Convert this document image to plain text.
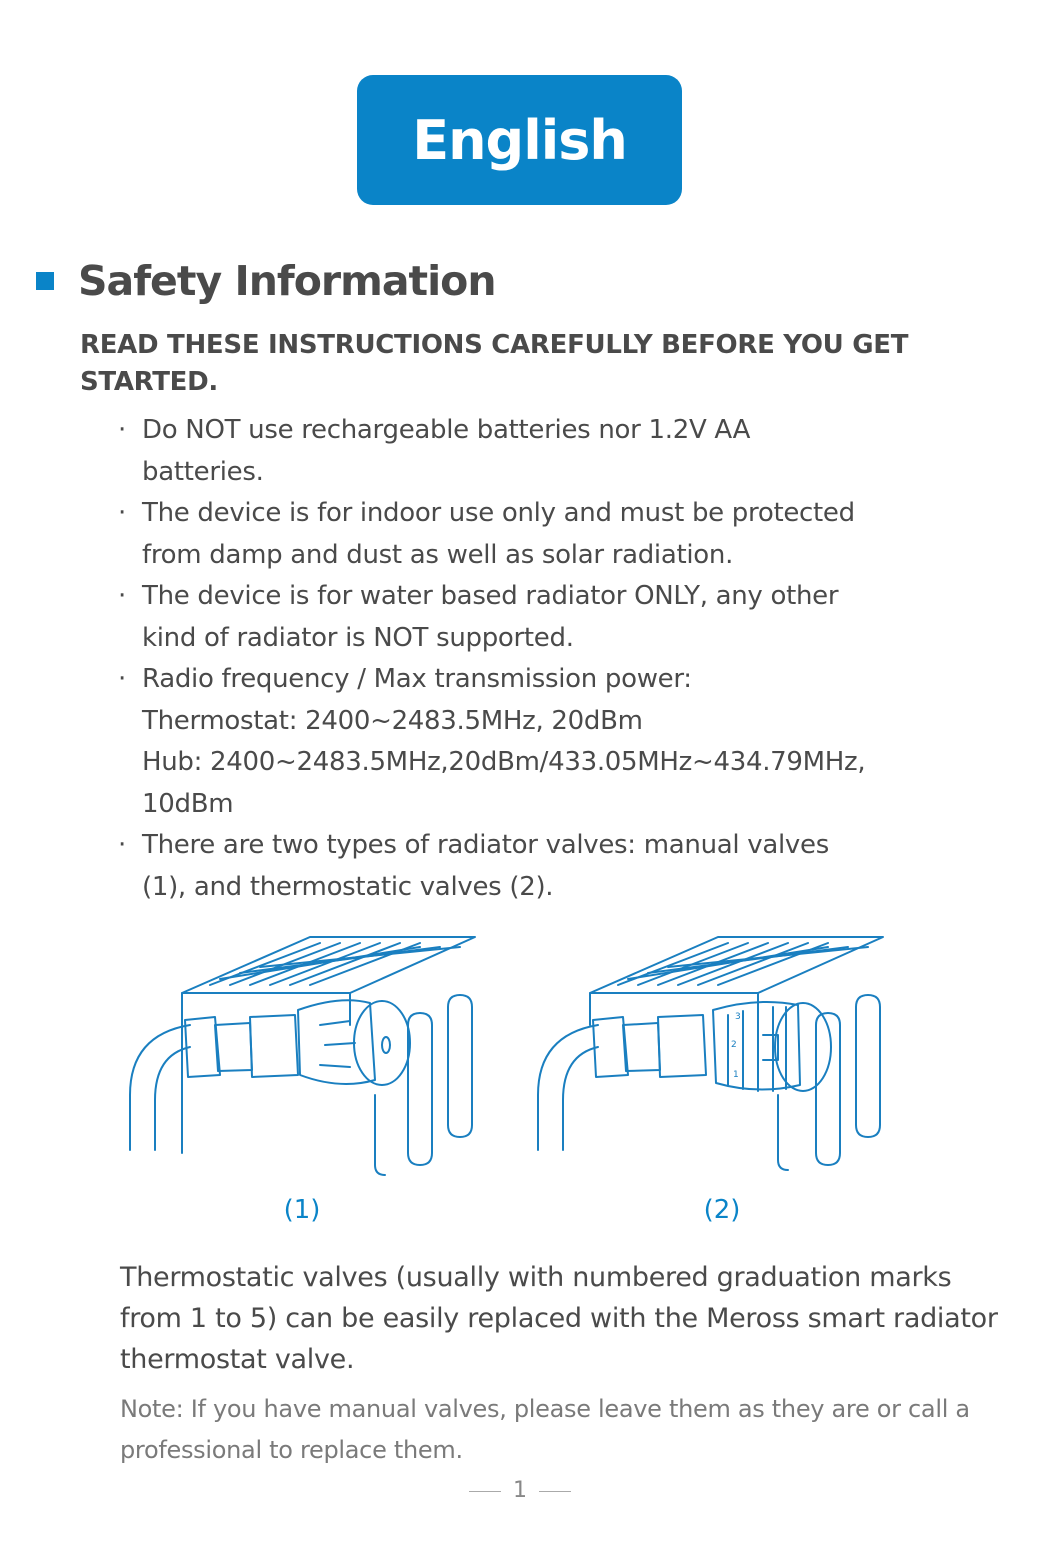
English
Safety Information
READ THESE INSTRUCTIONS CAREFULLY BEFORE YOU GET STARTED.
· Do NOT use rechargeable batteries nor 1.2V AA
batteries.
· The device is for indoor use only and must be protected
from damp and dust as well as solar radiation.
· The device is for water based radiator ONLY, any other
kind of radiator is NOT supported.
· Radio frequency / Max transmission power:
Thermostat: 2400~2483.5MHz, 20dBm
Hub: 2400~2483.5MHz,20dBm/433.05MHz~434.79MHz,
10dBm
· There are two types of radiator valves: manual valves
(1), and thermostatic valves (2).
1
2
3
(1)	(2)
Thermostatic valves (usually with numbered graduation marks from 1 to 5) can be easily replaced with the Meross smart radiator thermostat valve.
Note: If you have manual valves, please leave them as they are or call a professional to replace them.
1
